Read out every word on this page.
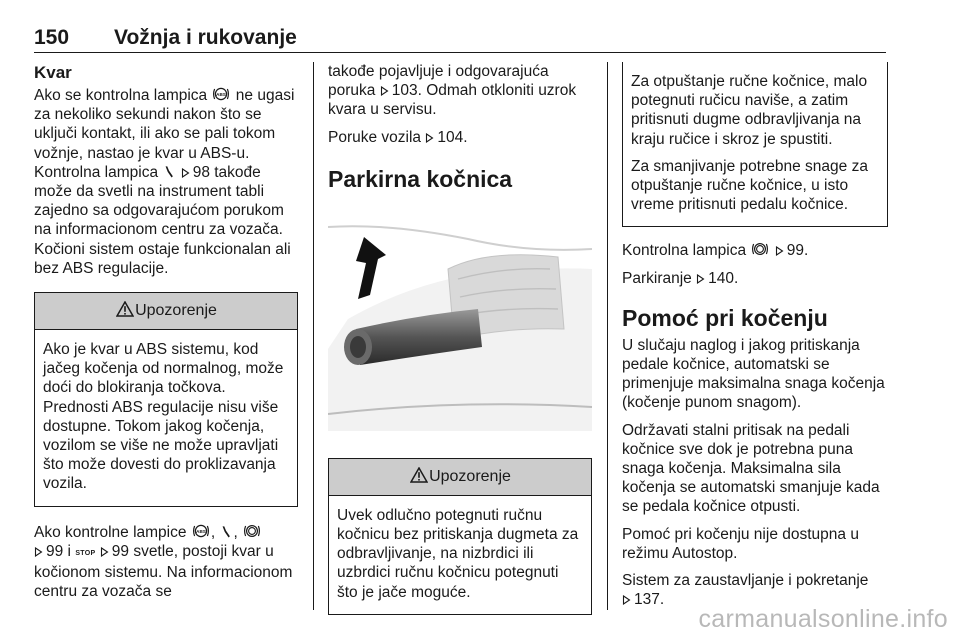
150 Vožnja i rukovanje
Kvar

Ako se kontrolna lampica ne ugasi za nekoliko sekundi nakon što se uključi kontakt, ili ako se pali tokom vožnje, nastao je kvar u ABS-u. Kontrolna lampica 98 takođe može da svetli na instrument tabli zajedno sa odgovarajućom porukom na informacionom centru za vozača. Kočioni sistem ostaje funkcionalan ali bez ABS regulacije.

Upozorenje

Ako je kvar u ABS sistemu, kod jačeg kočenja od normalnog, može doći do blokiranja točkova. Prednosti ABS regulacije nisu više dostupne. Tokom jakog kočenja, vozilom se više ne može upravljati što može dovesti do proklizavanja vozila.

Ako kontrolne lampice , ,
99 i STOP 99 svetle, postoji kvar u kočionom sistemu. Na informacionom centru za vozača se

takođe pojavljuje i odgovarajuća poruka 103. Odmah otkloniti uzrok kvara u servisu.

Poruke vozila 104.

Parkirna kočnica
Upozorenje

Uvek odlučno potegnuti ručnu kočnicu bez pritiskanja dugmeta za odbravljivanje, na nizbrdici ili uzbrdici ručnu kočnicu potegnuti što je jače moguće.

Za otpuštanje ručne kočnice, malo potegnuti ručicu naviše, a zatim pritisnuti dugme odbravljivanja na kraju ručice i skroz je spustiti.

Za smanjivanje potrebne snage za otpuštanje ručne kočnice, u isto vreme pritisnuti pedalu kočnice.

Kontrolna lampica	99.

Parkiranje 140.

Pomoć pri kočenju

U slučaju naglog i jakog pritiskanja pedale kočnice, automatski se primenjuje maksimalna snaga kočenja (kočenje punom snagom).

Održavati stalni pritisak na pedali kočnice sve dok je potrebna puna snaga kočenja. Maksimalna sila kočenja se automatski smanjuje kada se pedala kočnice otpusti.

Pomoć pri kočenju nije dostupna u režimu Autostop.

Sistem za zaustavljanje i pokretanje
137.

carmanualsonline.info
